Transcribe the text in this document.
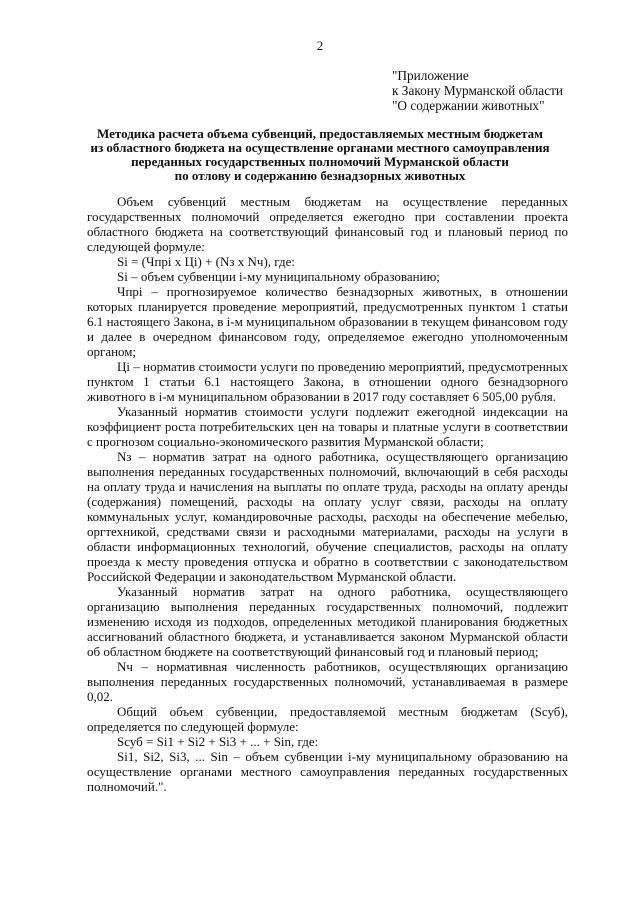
2
"Приложение
к Закону Мурманской области
"О содержании животных"
Методика расчета объема субвенций, предоставляемых местным бюджетам
из областного бюджета на осуществление органами местного самоуправления
переданных государственных полномочий Мурманской области
по отлову и содержанию безнадзорных животных

Объем субвенций местным бюджетам на осуществление переданных государственных полномочий определяется ежегодно при составлении проекта областного бюджета на соответствующий финансовый год и плановый период по следующей формуле:

Si = (Чпрi x Цi) + (Nз x Nч), где:

Si – объем субвенции i-му муниципальному образованию;

Чпрi – прогнозируемое количество безнадзорных животных, в отношении которых планируется проведение мероприятий, предусмотренных пунктом 1 статьи 6.1 настоящего Закона, в i-м муниципальном образовании в текущем финансовом году и далее в очередном финансовом году, определяемое ежегодно уполномоченным органом;

Цi – норматив стоимости услуги по проведению мероприятий, предусмотренных пунктом 1 статьи 6.1 настоящего Закона, в отношении одного безнадзорного животного в i-м муниципальном образовании в 2017 году составляет 6 505,00 рубля.

Указанный норматив стоимости услуги подлежит ежегодной индексации на коэффициент роста потребительских цен на товары и платные услуги в соответствии с прогнозом социально-экономического развития Мурманской области;

Nз – норматив затрат на одного работника, осуществляющего организацию выполнения переданных государственных полномочий, включающий в себя расходы на оплату труда и начисления на выплаты по оплате труда, расходы на оплату аренды (содержания) помещений, расходы на оплату услуг связи, расходы на оплату коммунальных услуг, командировочные расходы, расходы на обеспечение мебелью, оргтехникой, средствами связи и расходными материалами, расходы на услуги в области информационных технологий, обучение специалистов, расходы на оплату проезда к месту проведения отпуска и обратно в соответствии с законодательством Российской Федерации и законодательством Мурманской области.

Указанный норматив затрат на одного работника, осуществляющего организацию выполнения переданных государственных полномочий, подлежит изменению исходя из подходов, определенных методикой планирования бюджетных ассигнований областного бюджета, и устанавливается законом Мурманской области об областном бюджете на соответствующий финансовый год и плановый период;

Nч – нормативная численность работников, осуществляющих организацию выполнения переданных государственных полномочий, устанавливаемая в размере 0,02.

Общий объем субвенции, предоставляемой местным бюджетам (Sсуб), определяется по следующей формуле:

Sсуб = Si1 + Si2 + Si3 + ... + Sin, где:

Si1, Si2, Si3, ... Sin – объем субвенции i-му муниципальному образованию на осуществление органами местного самоуправления переданных государственных полномочий.".
